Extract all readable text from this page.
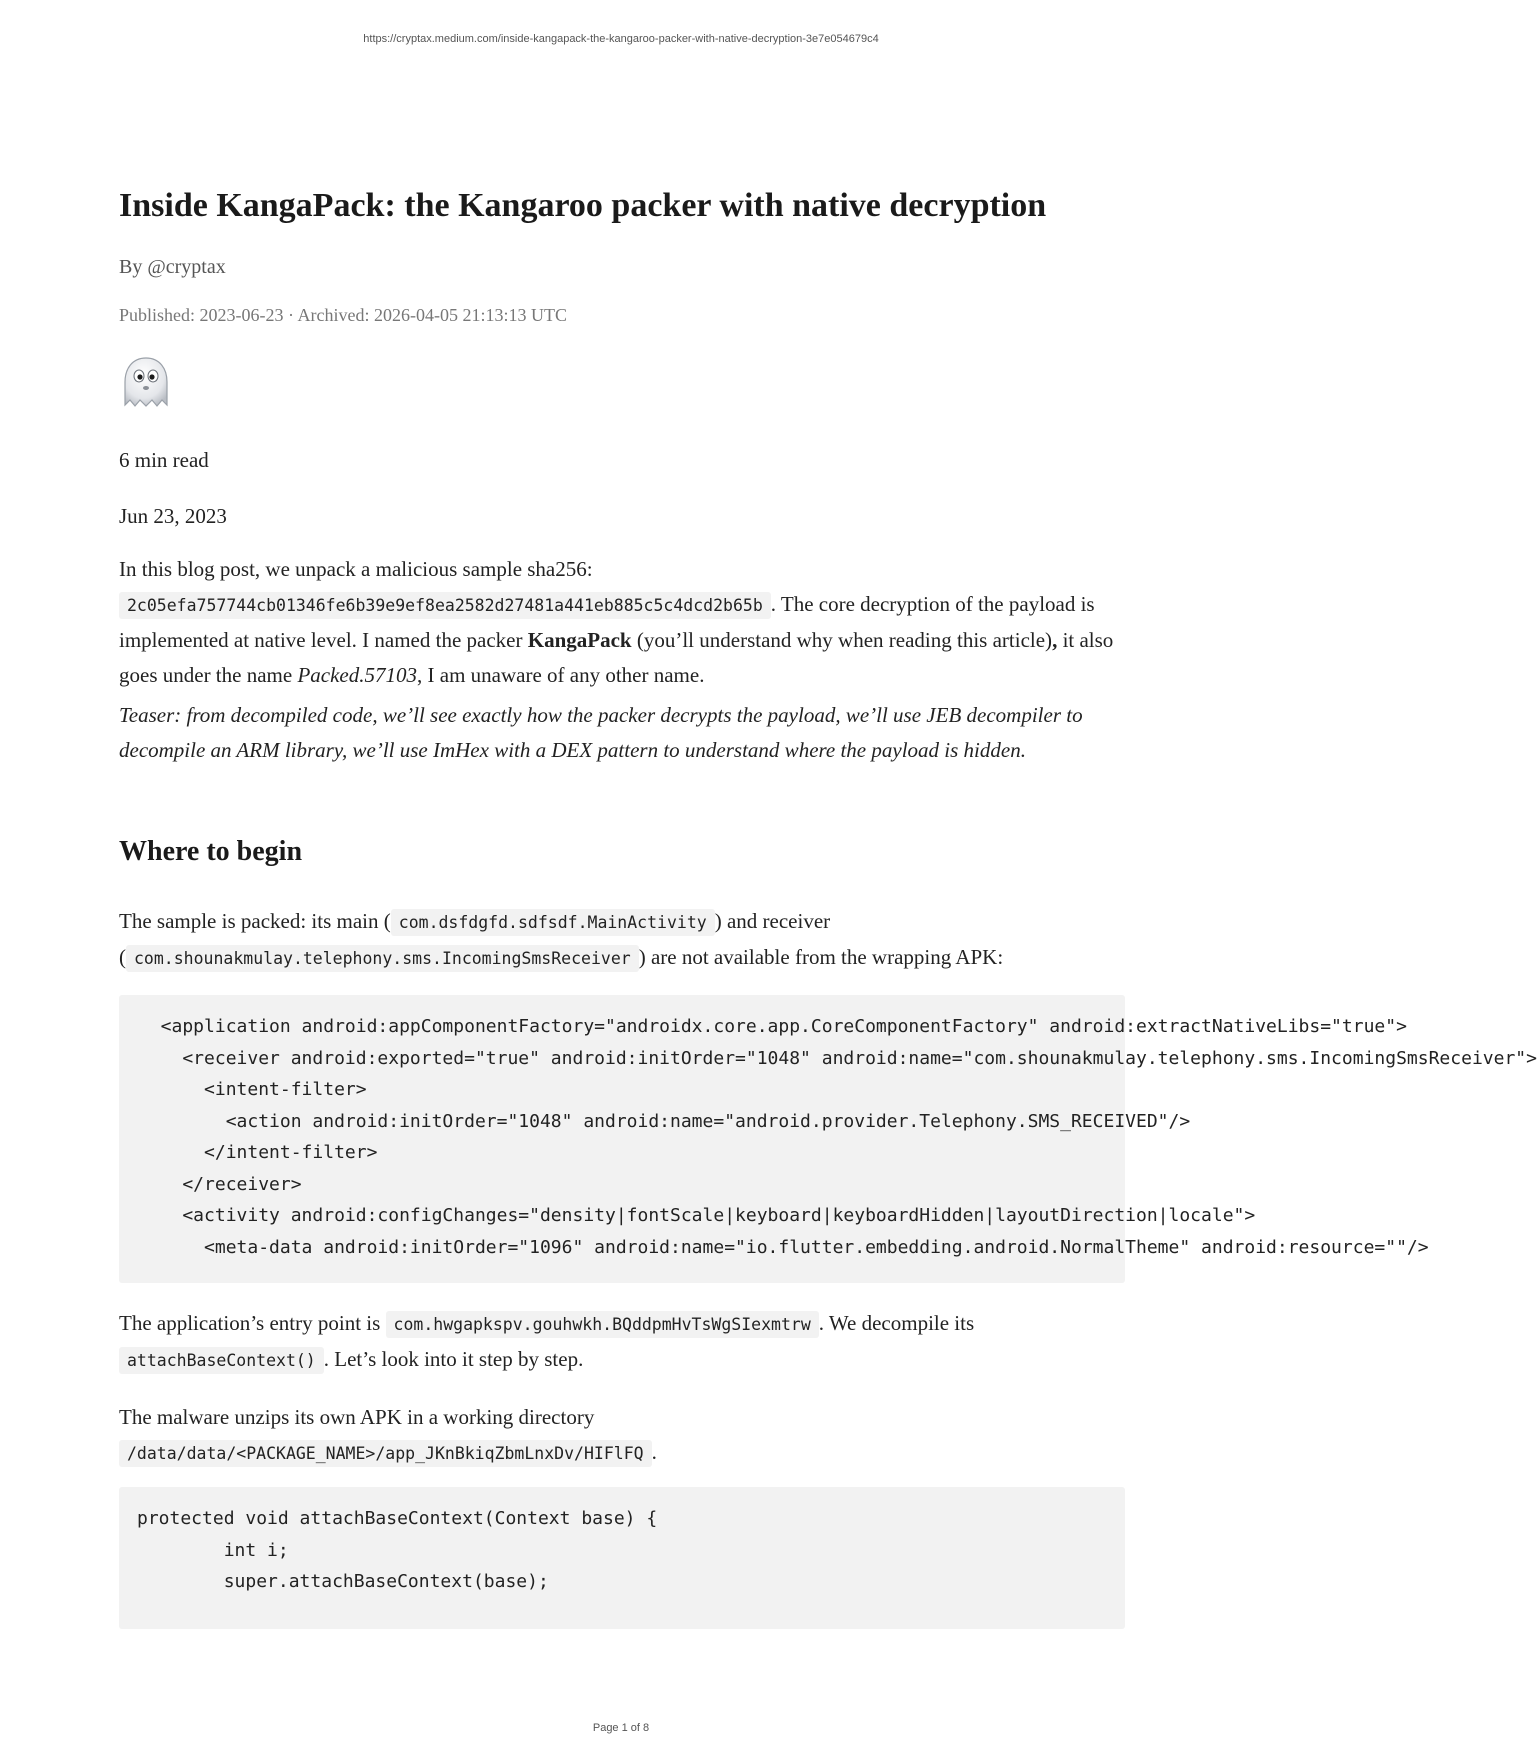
https://cryptax.medium.com/inside-kangapack-the-kangaroo-packer-with-native-decryption-3e7e054679c4
Inside KangaPack: the Kangaroo packer with native decryption
By @cryptax
Published: 2023-06-23 · Archived: 2026-04-05 21:13:13 UTC
6 min read
Jun 23, 2023
In this blog post, we unpack a malicious sample sha256:
2c05efa757744cb01346fe6b39e9ef8ea2582d27481a441eb885c5c4dcd2b65b . The core decryption of the payload is implemented at native level. I named the packer KangaPack (you’ll understand why when reading this article), it also goes under the name Packed.57103, I am unaware of any other name.
Teaser: from decompiled code, we’ll see exactly how the packer decrypts the payload, we’ll use JEB decompiler to decompile an ARM library, we’ll use ImHex with a DEX pattern to understand where the payload is hidden.
Where to begin
The sample is packed: its main ( com.dsfdgfd.sdfsdf.MainActivity ) and receiver
( com.shounakmulay.telephony.sms.IncomingSmsReceiver ) are not available from the wrapping APK:
<application android:appComponentFactory="androidx.core.app.CoreComponentFactory" android:extractNativeLibs="true">
<receiver android:exported="true" android:initOrder="1048" android:name="com.shounakmulay.telephony.sms.IncomingSmsReceiver">
<intent-filter>
<action android:initOrder="1048" android:name="android.provider.Telephony.SMS_RECEIVED"/>
</intent-filter>
</receiver>
<activity android:configChanges="density|fontScale|keyboard|keyboardHidden|layoutDirection|locale">
<meta-data android:initOrder="1096" android:name="io.flutter.embedding.android.NormalTheme" android:resource=""/>
The application’s entry point is com.hwgapkspv.gouhwkh.BQddpmHvTsWgSIexmtrw . We decompile its
attachBaseContext() . Let’s look into it step by step.
The malware unzips its own APK in a working directory
/data/data/<PACKAGE_NAME>/app_JKnBkiqZbmLnxDv/HIFlFQ .
protected void attachBaseContext(Context base) {
int i;
super.attachBaseContext(base);
Page 1 of 8
